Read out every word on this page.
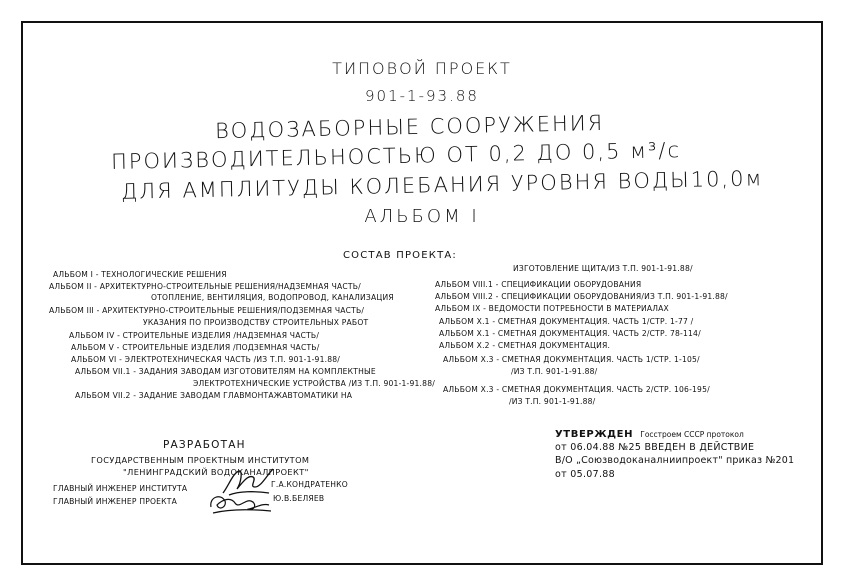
ТИПОВОЙ ПРОЕКТ
901-1-93.88
ВОДОЗАБОРНЫЕ СООРУЖЕНИЯ
ПРОИЗВОДИТЕЛЬНОСТЬЮ ОТ 0,2 ДО 0,5 м³/с
ДЛЯ АМПЛИТУДЫ КОЛЕБАНИЯ УРОВНЯ ВОДЫ10,0м
АЛЬБОМ I
СОСТАВ ПРОЕКТА:
АЛЬБОМ I - ТЕХНОЛОГИЧЕСКИЕ РЕШЕНИЯ
АЛЬБОМ II - АРХИТЕКТУРНО-СТРОИТЕЛЬНЫЕ РЕШЕНИЯ/НАДЗЕМНАЯ ЧАСТЬ/
ОТОПЛЕНИЕ, ВЕНТИЛЯЦИЯ, ВОДОПРОВОД, КАНАЛИЗАЦИЯ
АЛЬБОМ III - АРХИТЕКТУРНО-СТРОИТЕЛЬНЫЕ РЕШЕНИЯ/ПОДЗЕМНАЯ ЧАСТЬ/
УКАЗАНИЯ ПО ПРОИЗВОДСТВУ СТРОИТЕЛЬНЫХ РАБОТ
АЛЬБОМ IV - СТРОИТЕЛЬНЫЕ ИЗДЕЛИЯ /НАДЗЕМНАЯ ЧАСТЬ/
АЛЬБОМ V - СТРОИТЕЛЬНЫЕ ИЗДЕЛИЯ /ПОДЗЕМНАЯ ЧАСТЬ/
АЛЬБОМ VI - ЭЛЕКТРОТЕХНИЧЕСКАЯ ЧАСТЬ /ИЗ Т.П. 901-1-91.88/
АЛЬБОМ VII.1 - ЗАДАНИЯ ЗАВОДАМ ИЗГОТОВИТЕЛЯМ НА КОМПЛЕКТНЫЕ
ЭЛЕКТРОТЕХНИЧЕСКИЕ УСТРОЙСТВА /ИЗ Т.П. 901-1-91.88/
АЛЬБОМ VII.2 - ЗАДАНИЕ ЗАВОДАМ ГЛАВМОНТАЖАВТОМАТИКИ НА
ИЗГОТОВЛЕНИЕ ЩИТА/ИЗ Т.П. 901-1-91.88/
АЛЬБОМ VIII.1 - СПЕЦИФИКАЦИИ ОБОРУДОВАНИЯ
АЛЬБОМ VIII.2 - СПЕЦИФИКАЦИИ ОБОРУДОВАНИЯ/ИЗ Т.П. 901-1-91.88/
АЛЬБОМ IX - ВЕДОМОСТИ ПОТРЕБНОСТИ В МАТЕРИАЛАХ
АЛЬБОМ X.1 - СМЕТНАЯ ДОКУМЕНТАЦИЯ. ЧАСТЬ 1/СТР. 1-77 /
АЛЬБОМ X.1 - СМЕТНАЯ ДОКУМЕНТАЦИЯ. ЧАСТЬ 2/СТР. 78-114/
АЛЬБОМ X.2 - СМЕТНАЯ ДОКУМЕНТАЦИЯ.
АЛЬБОМ X.3 - СМЕТНАЯ ДОКУМЕНТАЦИЯ. ЧАСТЬ 1/СТР. 1-105/
/ИЗ Т.П. 901-1-91.88/
АЛЬБОМ X.3 - СМЕТНАЯ ДОКУМЕНТАЦИЯ. ЧАСТЬ 2/СТР. 106-195/
/ИЗ Т.П. 901-1-91.88/
РАЗРАБОТАН
ГОСУДАРСТВЕННЫМ ПРОЕКТНЫМ ИНСТИТУТОМ
"ЛЕНИНГРАДСКИЙ ВОДОКАНАЛПРОЕКТ"
ГЛАВНЫЙ ИНЖЕНЕР ИНСТИТУТА	Г.А.КОНДРАТЕНКО
ГЛАВНЫЙ ИНЖЕНЕР ПРОЕКТА	Ю.В.БЕЛЯЕВ
УТВЕРЖДЕН Госстроем СССР протокол
от 06.04.88 №25 ВВЕДЕН В ДЕЙСТВИЕ
В/О „Союзводоканалниипроект" приказ №201
от 05.07.88
